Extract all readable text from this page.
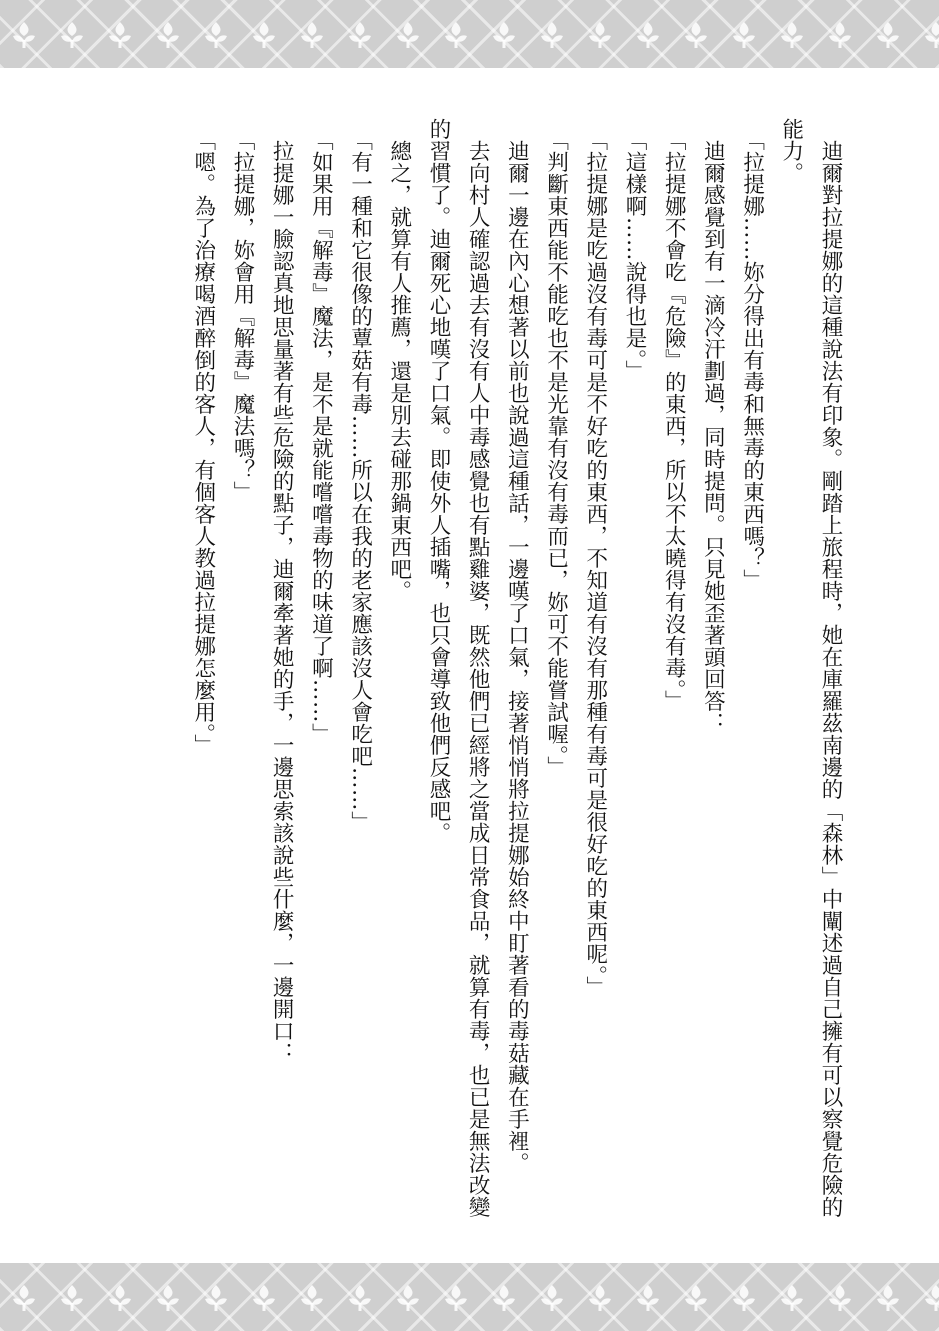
迪爾對拉提娜的這種說法有印象。剛踏上旅程時，她在庫羅茲南邊的「森林」中闡述過自己擁有可以察覺危險的能力。

「拉提娜……妳分得出有毒和無毒的東西嗎？」

迪爾感覺到有一滴冷汗劃過，同時提問。只見她歪著頭回答：

「拉提娜不會吃『危險』的東西，所以不太曉得有沒有毒。」

「這樣啊……說得也是。」

「拉提娜是吃過沒有毒可是不好吃的東西，不知道有沒有那種有毒可是很好吃的東西呢。」

「判斷東西能不能吃也不是光靠有沒有毒而已，妳可不能嘗試喔。」

迪爾一邊在內心想著以前也說過這種話，一邊嘆了口氣，接著悄悄將拉提娜始終中盯著看的毒菇藏在手裡。

去向村人確認過去有沒有人中毒感覺也有點雞婆，既然他們已經將之當成日常食品，就算有毒，也已是無法改變的習慣了。迪爾死心地嘆了口氣。即使外人插嘴，也只會導致他們反感吧。

總之，就算有人推薦，還是別去碰那鍋東西吧。

「有一種和它很像的蕈菇有毒……所以在我的老家應該沒人會吃吧……」

「如果用『解毒』魔法，是不是就能嚐嚐毒物的味道了啊……」

拉提娜一臉認真地思量著有些危險的點子，迪爾牽著她的手，一邊思索該說些什麼，一邊開口：

「拉提娜，妳會用『解毒』魔法嗎？」

「嗯。為了治療喝酒醉倒的客人，有個客人教過拉提娜怎麼用。」
